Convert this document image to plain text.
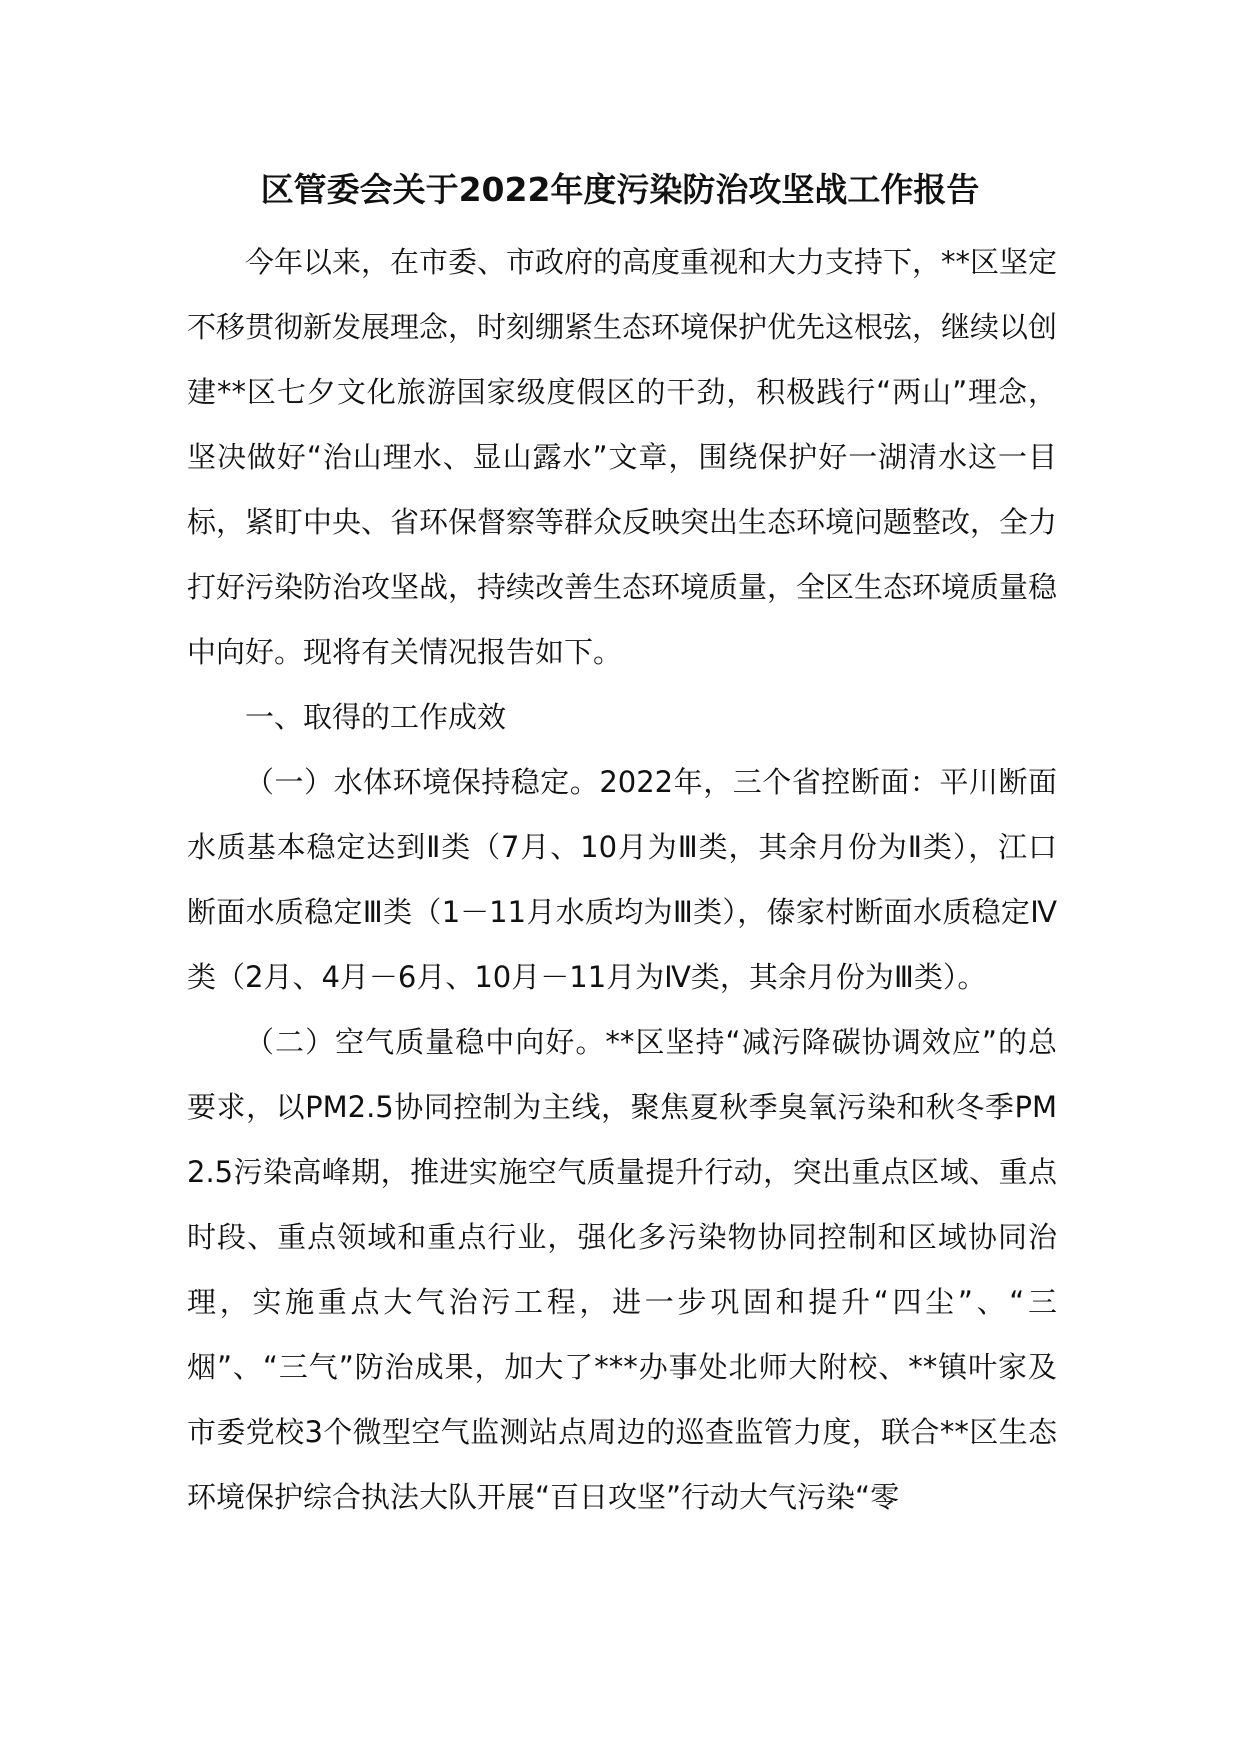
区管委会关于2022年度污染防治攻坚战工作报告

今年以来，在市委、市政府的高度重视和大力支持下，**区坚定不移贯彻新发展理念，时刻绷紧生态环境保护优先这根弦，继续以创建**区七夕文化旅游国家级度假区的干劲，积极践行“两山”理念，坚决做好“治山理水、显山露水”文章，围绕保护好一湖清水这一目标，紧盯中央、省环保督察等群众反映突出生态环境问题整改，全力打好污染防治攻坚战，持续改善生态环境质量，全区生态环境质量稳中向好。现将有关情况报告如下。

一、取得的工作成效

（一）水体环境保持稳定。2022年，三个省控断面：平川断面水质基本稳定达到Ⅱ类（7月、10月为Ⅲ类，其余月份为Ⅱ类），江口断面水质稳定Ⅲ类（1－11月水质均为Ⅲ类），傣家村断面水质稳定Ⅳ类（2月、4月－6月、10月－11月为Ⅳ类，其余月份为Ⅲ类）。

（二）空气质量稳中向好。**区坚持“减污降碳协调效应”的总要求，以PM2.5协同控制为主线，聚焦夏秋季臭氧污染和秋冬季PM2.5污染高峰期，推进实施空气质量提升行动，突出重点区域、重点时段、重点领域和重点行业，强化多污染物协同控制和区域协同治理，实施重点大气治污工程，进一步巩固和提升“四尘”、“三烟”、“三气”防治成果，加大了***办事处北师大附校、**镇叶家及市委党校3个微型空气监测站点周边的巡查监管力度，联合**区生态环境保护综合执法大队开展“百日攻坚”行动大气污染“零
